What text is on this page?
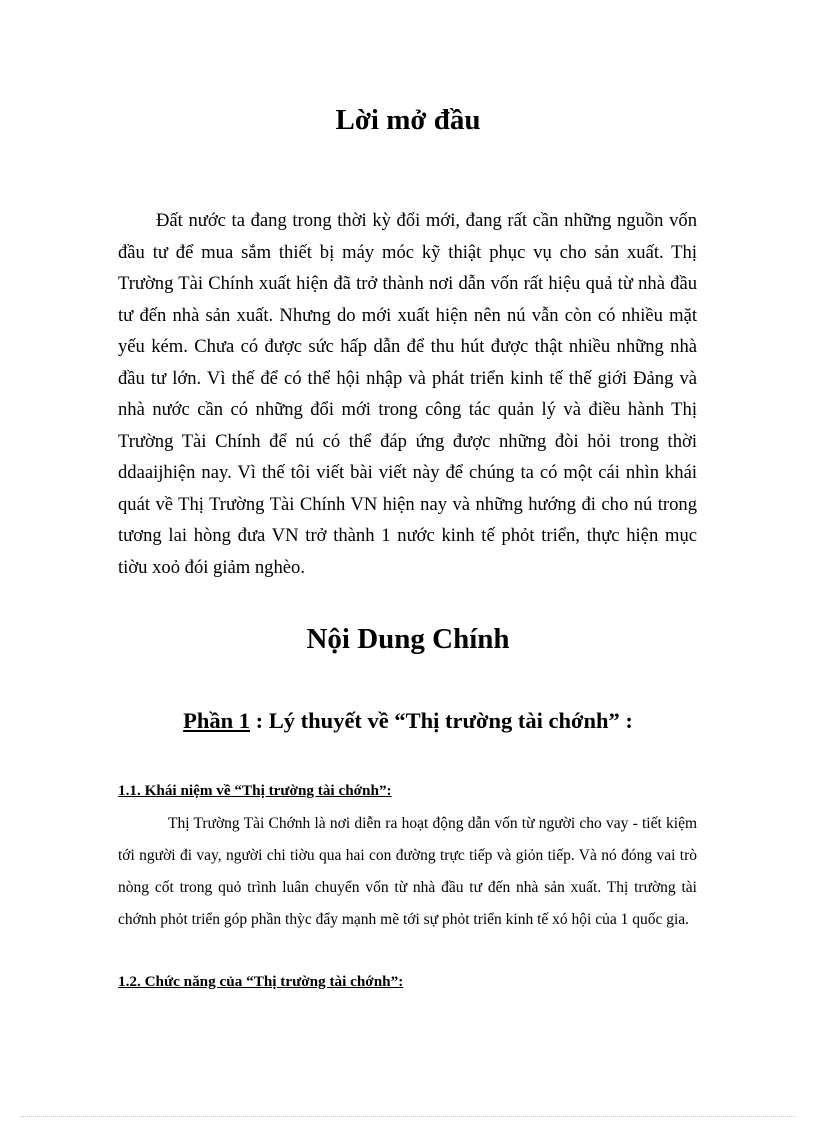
Lời mở đầu

Đất nước ta đang trong thời kỳ đổi mới, đang rất cần những nguồn vốn đầu tư để mua sắm thiết bị máy móc kỹ thiật phục vụ cho sản xuất. Thị Trường Tài Chính xuất hiện đã trở thành nơi dẫn vốn rất hiệu quả từ nhà đầu tư đến nhà sản xuất. Nhưng do mới xuất hiện nên nú vẫn còn có nhiều mặt yếu kém. Chưa có được sức hấp dẫn để thu hút được thật nhiều những nhà đầu tư lớn. Vì thế để có thể hội nhập và phát triển kinh tế thế giới Đảng và nhà nước cần có những đổi mới trong công tác quản lý và điều hành Thị Trường Tài Chính để nú có thể đáp ứng được những đòi hỏi trong thời ddaaijhiện nay. Vì thế tôi viết bài viết này để chúng ta có một cái nhìn khái quát về Thị Trường Tài Chính VN hiện nay và những hướng đi cho nú trong tương lai hòng đưa VN trở thành 1 nước kinh tế phỏt triển, thực hiện mục tiờu xoỏ đói giảm nghèo.

Nội Dung Chính
Phần 1 : Lý thuyết về “Thị trường tài chớnh” :
1.1. Khái niệm về “Thị trường tài chớnh”:

Thị Trường Tài Chớnh là nơi diễn ra hoạt động dẫn vốn từ người cho vay - tiết kiệm tới người đi vay, người chi tiờu qua hai con đường trực tiếp và giỏn tiếp. Và nó đóng vai trò nòng cốt trong quỏ trình luân chuyển vốn từ nhà đầu tư đến nhà sản xuất. Thị trường tài chớnh phỏt triển góp phần thỳc đẩy mạnh mẽ tới sự phỏt triển kinh tế xó hội của 1 quốc gia.

1.2. Chức năng của “Thị trường tài chớnh”:
